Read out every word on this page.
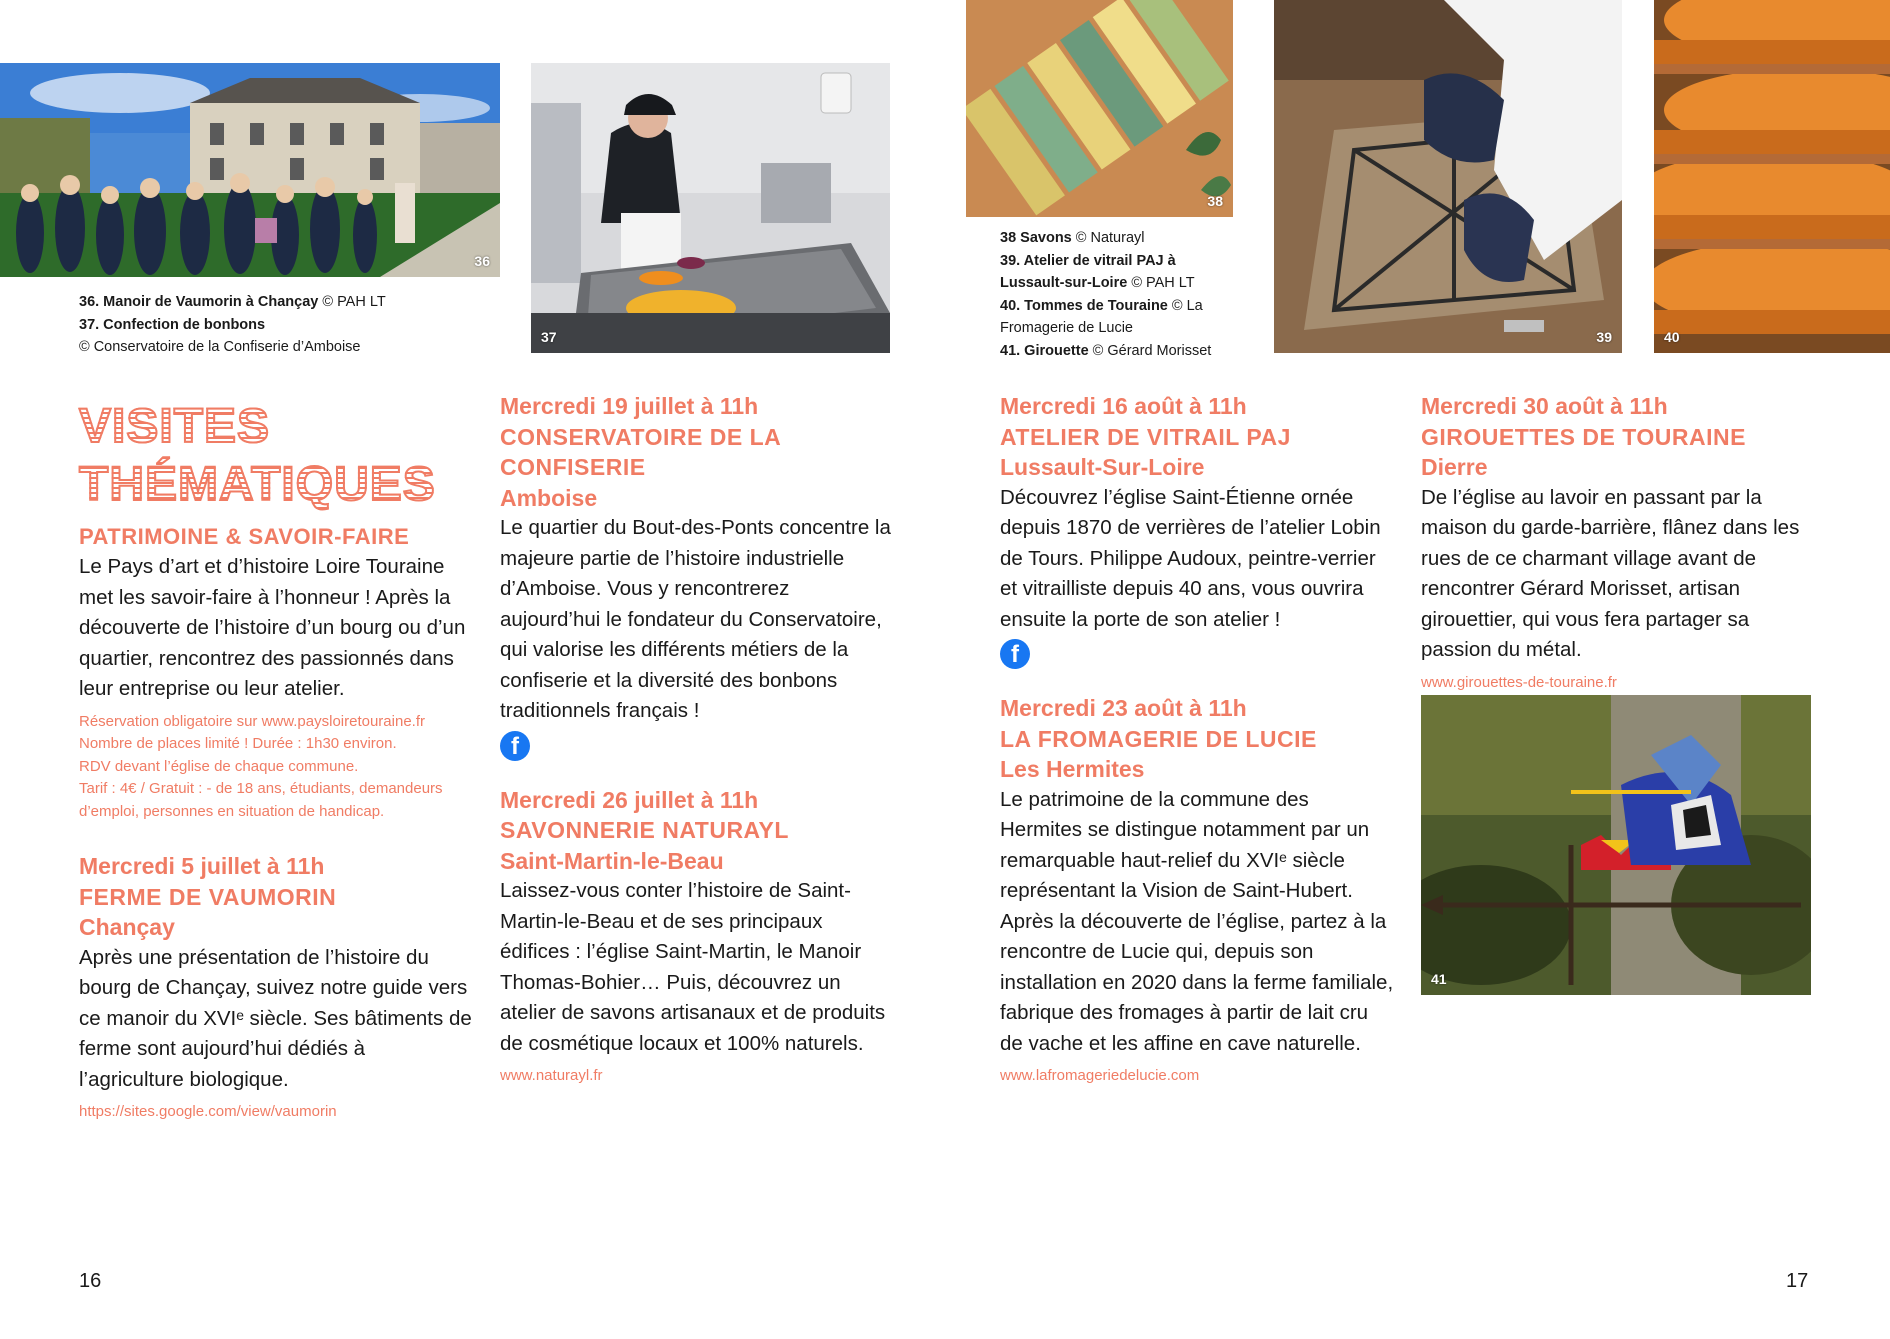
36
37
38
39	40
41
36. Manoir de Vaumorin à Chançay © PAH LT
37. Confection de bonbons
© Conservatoire de la Confiserie d’Amboise
38 Savons © Naturayl
39. Atelier de vitrail PAJ à
Lussault-sur-Loire © PAH LT
40. Tommes de Touraine © La
Fromagerie de Lucie
41. Girouette © Gérard Morisset
VISITES
THÉMATIQUES
PATRIMOINE & SAVOIR-FAIRE

Le Pays d’art et d’histoire Loire Touraine met les savoir-faire à l’honneur ! Après la découverte de l’histoire d’un bourg ou d’un quartier, rencontrez des passionnés dans leur entreprise ou leur atelier.

Réservation obligatoire sur www.paysloiretouraine.fr
Nombre de places limité ! Durée : 1h30 environ.
RDV devant l’église de chaque commune.
Tarif : 4€ / Gratuit : - de 18 ans, étudiants, demandeurs d’emploi, personnes en situation de handicap.
Mercredi 5 juillet à 11h
FERME DE VAUMORIN
Chançay

Après une présentation de l’histoire du bourg de Chançay, suivez notre guide vers ce manoir du XVIᵉ siècle. Ses bâtiments de ferme sont aujourd’hui dédiés à l’agriculture biologique.

https://sites.google.com/view/vaumorin
Mercredi 19 juillet à 11h
CONSERVATOIRE DE LA CONFISERIE
Amboise

Le quartier du Bout-des-Ponts concentre la majeure partie de l’histoire industrielle d’Amboise. Vous y rencontrerez aujourd’hui le fondateur du Conservatoire, qui valorise les différents métiers de la confiserie et la diversité des bonbons traditionnels français !

f
Mercredi 26 juillet à 11h
SAVONNERIE NATURAYL
Saint-Martin-le-Beau

Laissez-vous conter l’histoire de Saint-Martin-le-Beau et de ses principaux édifices : l’église Saint-Martin, le Manoir Thomas-Bohier… Puis, découvrez un atelier de savons artisanaux et de produits de cosmétique locaux et 100% naturels.

www.naturayl.fr
Mercredi 16 août à 11h
ATELIER DE VITRAIL PAJ
Lussault-Sur-Loire

Découvrez l’église Saint-Étienne ornée depuis 1870 de verrières de l’atelier Lobin de Tours. Philippe Audoux, peintre-verrier et vitrailliste depuis 40 ans, vous ouvrira ensuite la porte de son atelier !

f
Mercredi 23 août à 11h
LA FROMAGERIE DE LUCIE
Les Hermites

Le patrimoine de la commune des Hermites se distingue notamment par un remarquable haut-relief du XVIᵉ siècle représentant la Vision de Saint-Hubert. Après la découverte de l’église, partez à la rencontre de Lucie qui, depuis son installation en 2020 dans la ferme familiale, fabrique des fromages à partir de lait cru de vache et les affine en cave naturelle.

www.lafromageriedelucie.com
Mercredi 30 août à 11h
GIROUETTES DE TOURAINE
Dierre

De l’église au lavoir en passant par la maison du garde-barrière, flânez dans les rues de ce charmant village avant de rencontrer Gérard Morisset, artisan girouettier, qui vous fera partager sa passion du métal.

www.girouettes-de-touraine.fr
16	17
